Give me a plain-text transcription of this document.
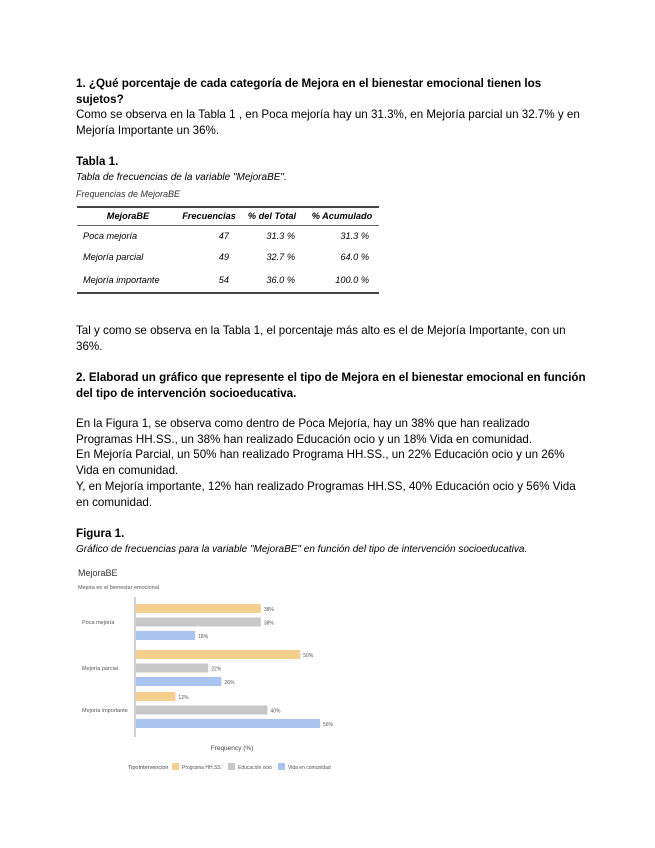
1. ¿Qué porcentaje de cada categoría de Mejora en el bienestar emocional tienen los sujetos?
Como se observa en la Tabla 1 , en Poca mejoría hay un 31.3%, en Mejoría parcial un 32.7% y en Mejoría Importante un 36%.
Tabla 1.
Tabla de frecuencias de la variable "MejoraBE".
Frequencias de MejoraBE
MejoraBE	Frecuencias	% del Total	% Acumulado
Poca mejoría	47	31.3 %	31.3 %
Mejoría parcial	49	32.7 %	64.0 %
Mejoría importante	54	36.0 %	100.0 %
Tal y como se observa en la Tabla 1, el porcentaje más alto es el de Mejoría Importante, con un 36%.
2. Elaborad un gráfico que represente el tipo de Mejora en el bienestar emocional en función del tipo de intervención socioeducativa.
En la Figura 1, se observa como dentro de Poca Mejoría, hay un 38% que han realizado Programas HH.SS., un 38% han realizado Educación ocio y un 18% Vida en comunidad.
En Mejoría Parcial, un 50% han realizado Programa HH.SS., un 22% Educación ocio y un 26% Vida en comunidad.
Y, en Mejoría importante, 12% han realizado Programas HH.SS, 40% Educación ocio y 56% Vida en comunidad.
Figura 1.
Gráfico de frecuencias para la variable "MejoraBE" en función del tipo de intervención socioeducativa.
MejoraBE
Mejora en el bienestar emocional
Poca mejoría
38%
38%
18%
Mejoría parcial
50%
22%
26%
Mejoría importante
12%
40%
56%
Frequency (%)
TipoIntervencion	Programa HH.SS.	Educación ocio	Vida en comunidad
